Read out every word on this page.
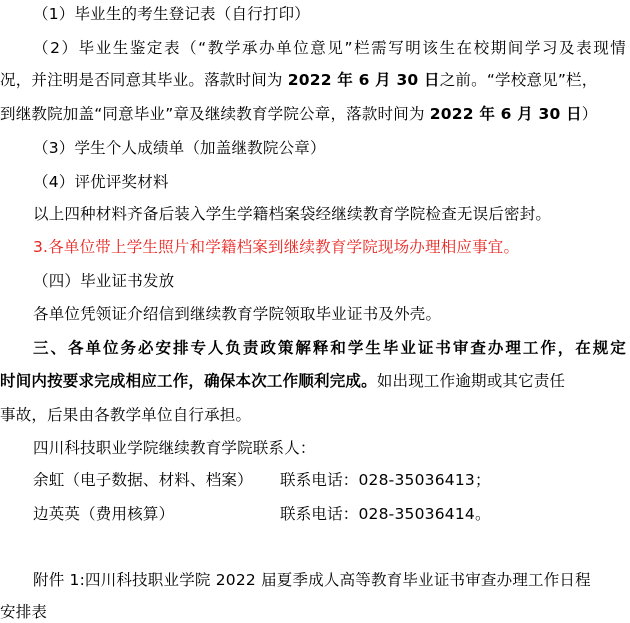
（1）毕业生的考生登记表（自行打印）
（2）毕业生鉴定表（“教学承办单位意见”栏需写明该生在校期间学习及表现情
况，并注明是否同意其毕业。落款时间为 2022 年 6 月 30 日之前。“学校意见”栏，
到继教院加盖“同意毕业”章及继续教育学院公章，落款时间为 2022 年 6 月 30 日）
（3）学生个人成绩单（加盖继教院公章）
（4）评优评奖材料
以上四种材料齐备后装入学生学籍档案袋经继续教育学院检查无误后密封。
3.各单位带上学生照片和学籍档案到继续教育学院现场办理相应事宜。
（四）毕业证书发放
各单位凭领证介绍信到继续教育学院领取毕业证书及外壳。
三、各单位务必安排专人负责政策解释和学生毕业证书审查办理工作，在规定
时间内按要求完成相应工作，确保本次工作顺利完成。如出现工作逾期或其它责任
事故，后果由各教学单位自行承担。
四川科技职业学院继续教育学院联系人：
余虹（电子数据、材料、档案） 联系电话：028-35036413；
边英英（费用核算）	联系电话：028-35036414。
附件 1:四川科技职业学院 2022 届夏季成人高等教育毕业证书审查办理工作日程
安排表
